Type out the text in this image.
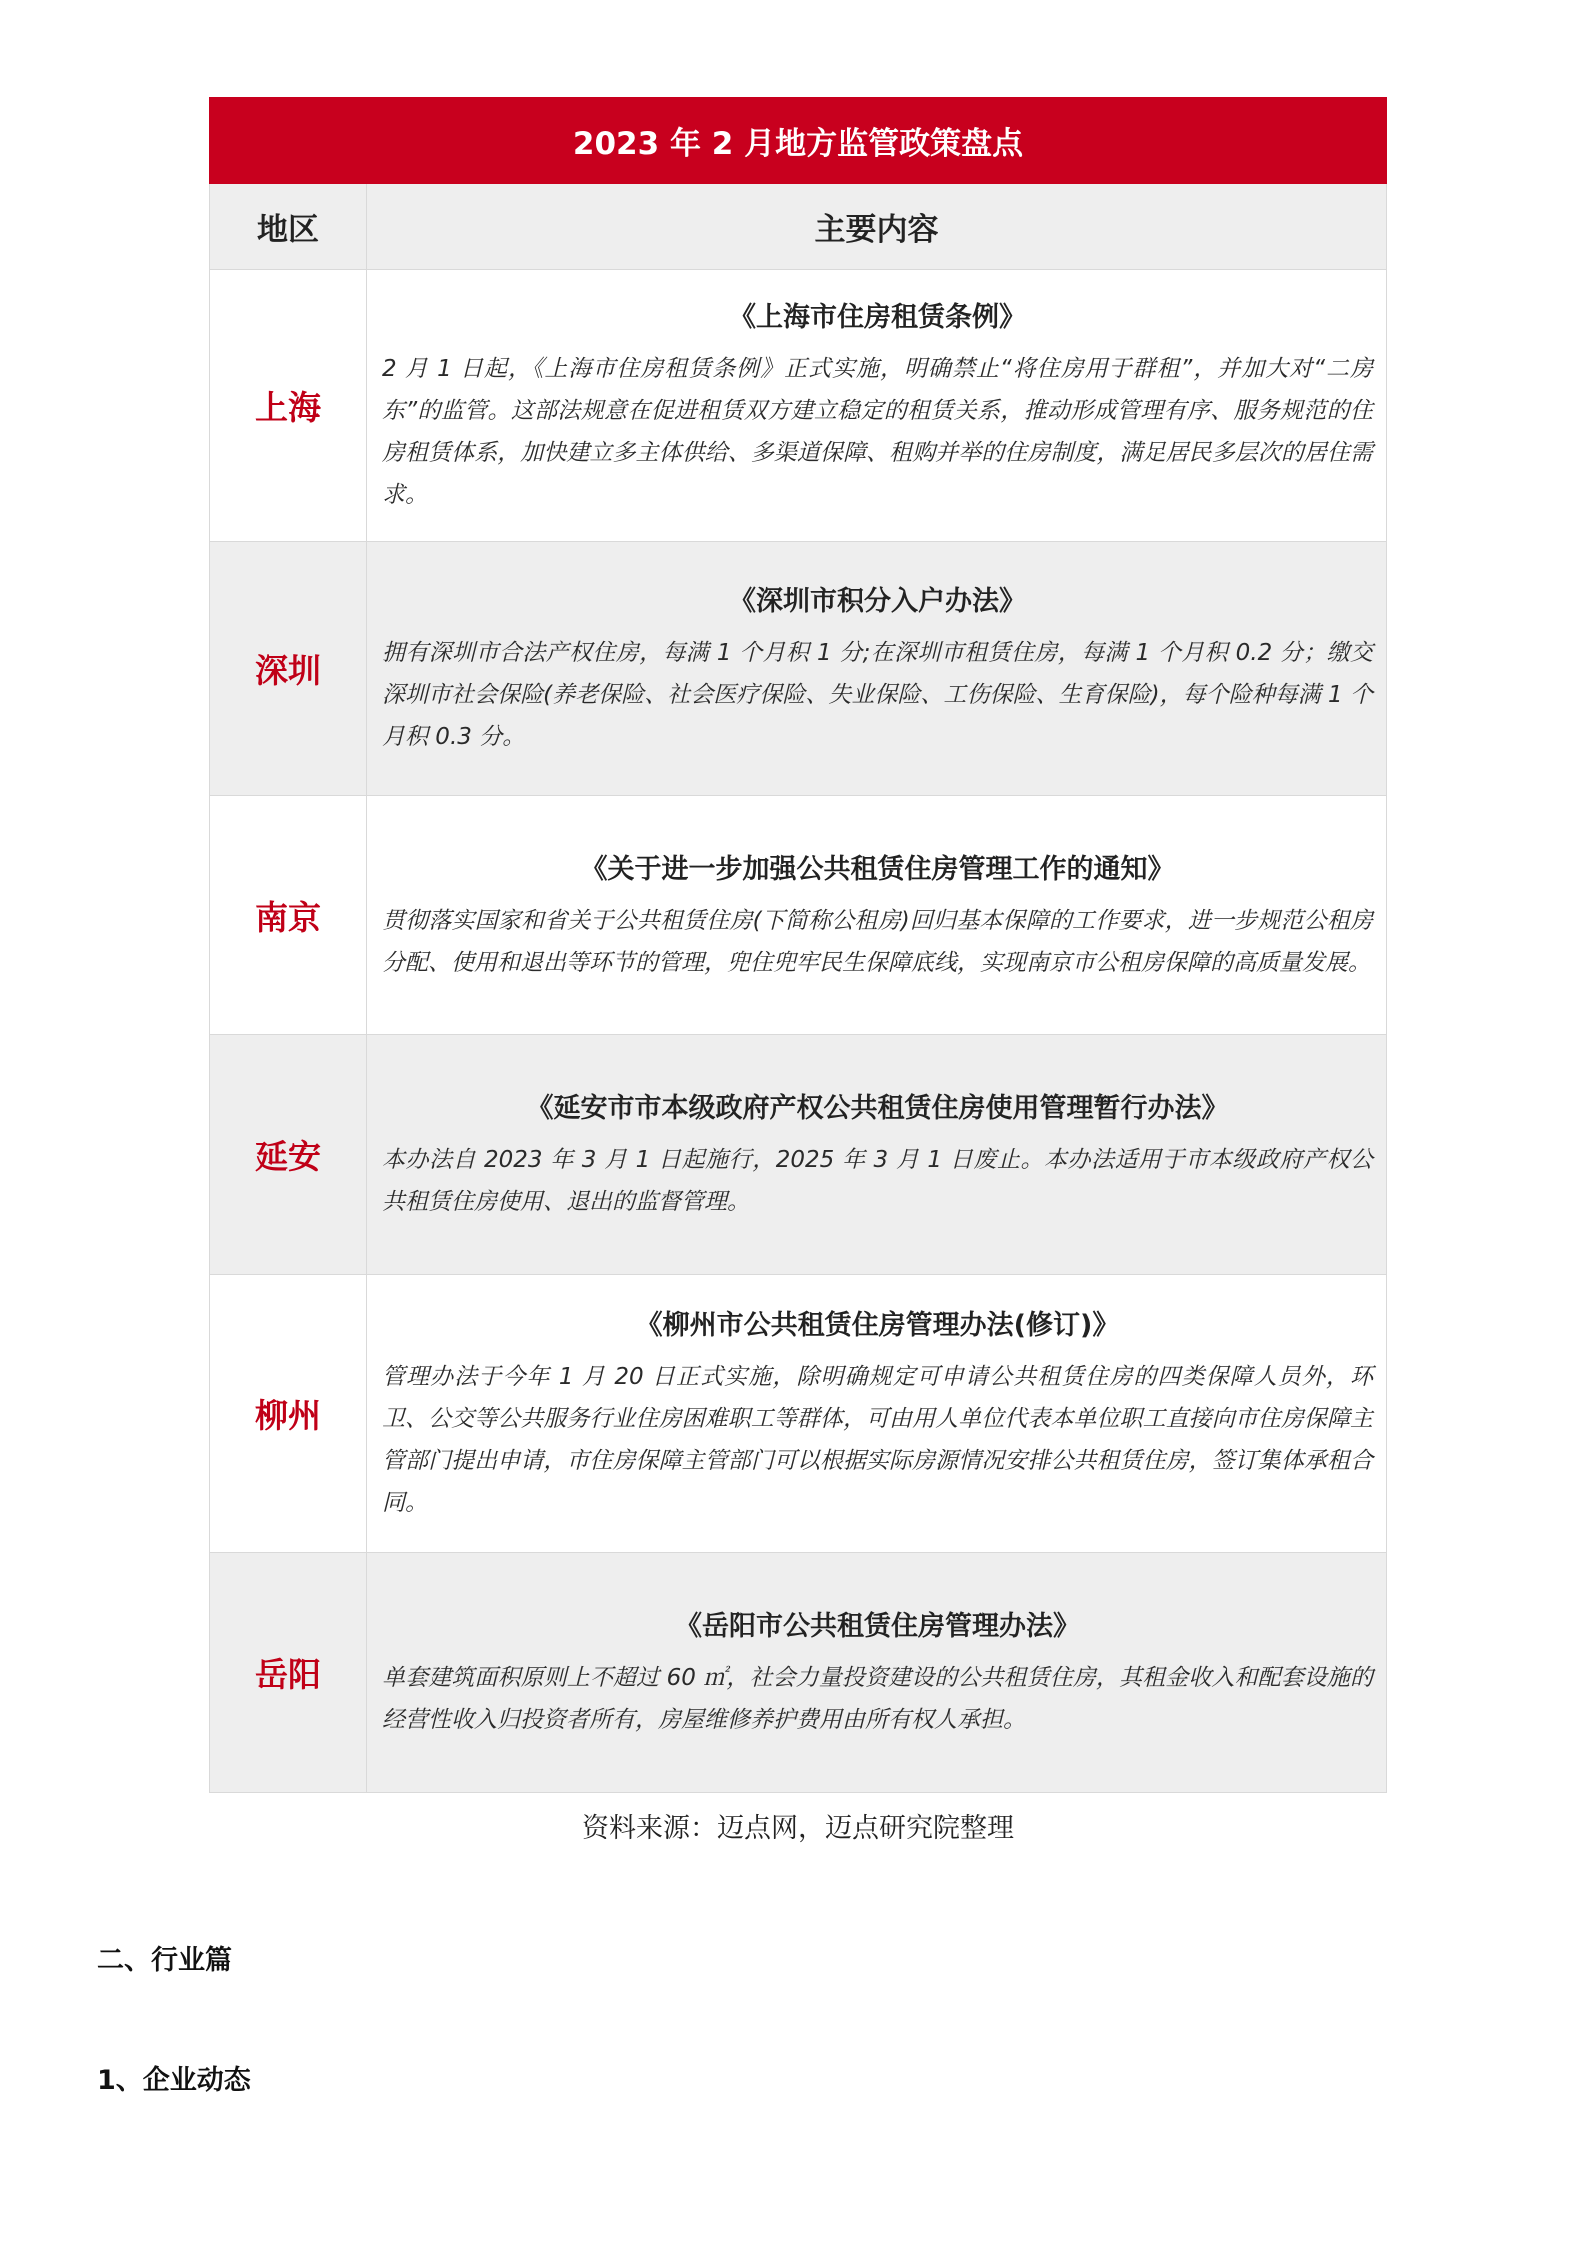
2023 年 2 月地方监管政策盘点	
地区	主要内容
上海	《上海市住房租赁条例》

2 月 1 日起，《上海市住房租赁条例》正式实施，明确禁止“将住房用于群租”，并加大对“二房东”的监管。这部法规意在促进租赁双方建立稳定的租赁关系，推动形成管理有序、服务规范的住房租赁体系，加快建立多主体供给、多渠道保障、租购并举的住房制度，满足居民多层次的居住需求。

深圳	《深圳市积分入户办法》

拥有深圳市合法产权住房，每满 1 个月积 1 分;在深圳市租赁住房，每满 1 个月积 0.2 分；缴交深圳市社会保险(养老保险、社会医疗保险、失业保险、工伤保险、生育保险)，每个险种每满 1 个月积 0.3 分。

南京	《关于进一步加强公共租赁住房管理工作的通知》

贯彻落实国家和省关于公共租赁住房(下简称公租房)回归基本保障的工作要求，进一步规范公租房分配、使用和退出等环节的管理，兜住兜牢民生保障底线，实现南京市公租房保障的高质量发展。

延安	《延安市市本级政府产权公共租赁住房使用管理暂行办法》

本办法自 2023 年 3 月 1 日起施行，2025 年 3 月 1 日废止。本办法适用于市本级政府产权公共租赁住房使用、退出的监督管理。

柳州	《柳州市公共租赁住房管理办法(修订)》

管理办法于今年 1 月 20 日正式实施，除明确规定可申请公共租赁住房的四类保障人员外，环卫、公交等公共服务行业住房困难职工等群体，可由用人单位代表本单位职工直接向市住房保障主管部门提出申请，市住房保障主管部门可以根据实际房源情况安排公共租赁住房，签订集体承租合同。

岳阳	《岳阳市公共租赁住房管理办法》

单套建筑面积原则上不超过 60 ㎡，社会力量投资建设的公共租赁住房，其租金收入和配套设施的经营性收入归投资者所有，房屋维修养护费用由所有权人承担。

资料来源：迈点网，迈点研究院整理
二、行业篇
1、企业动态
